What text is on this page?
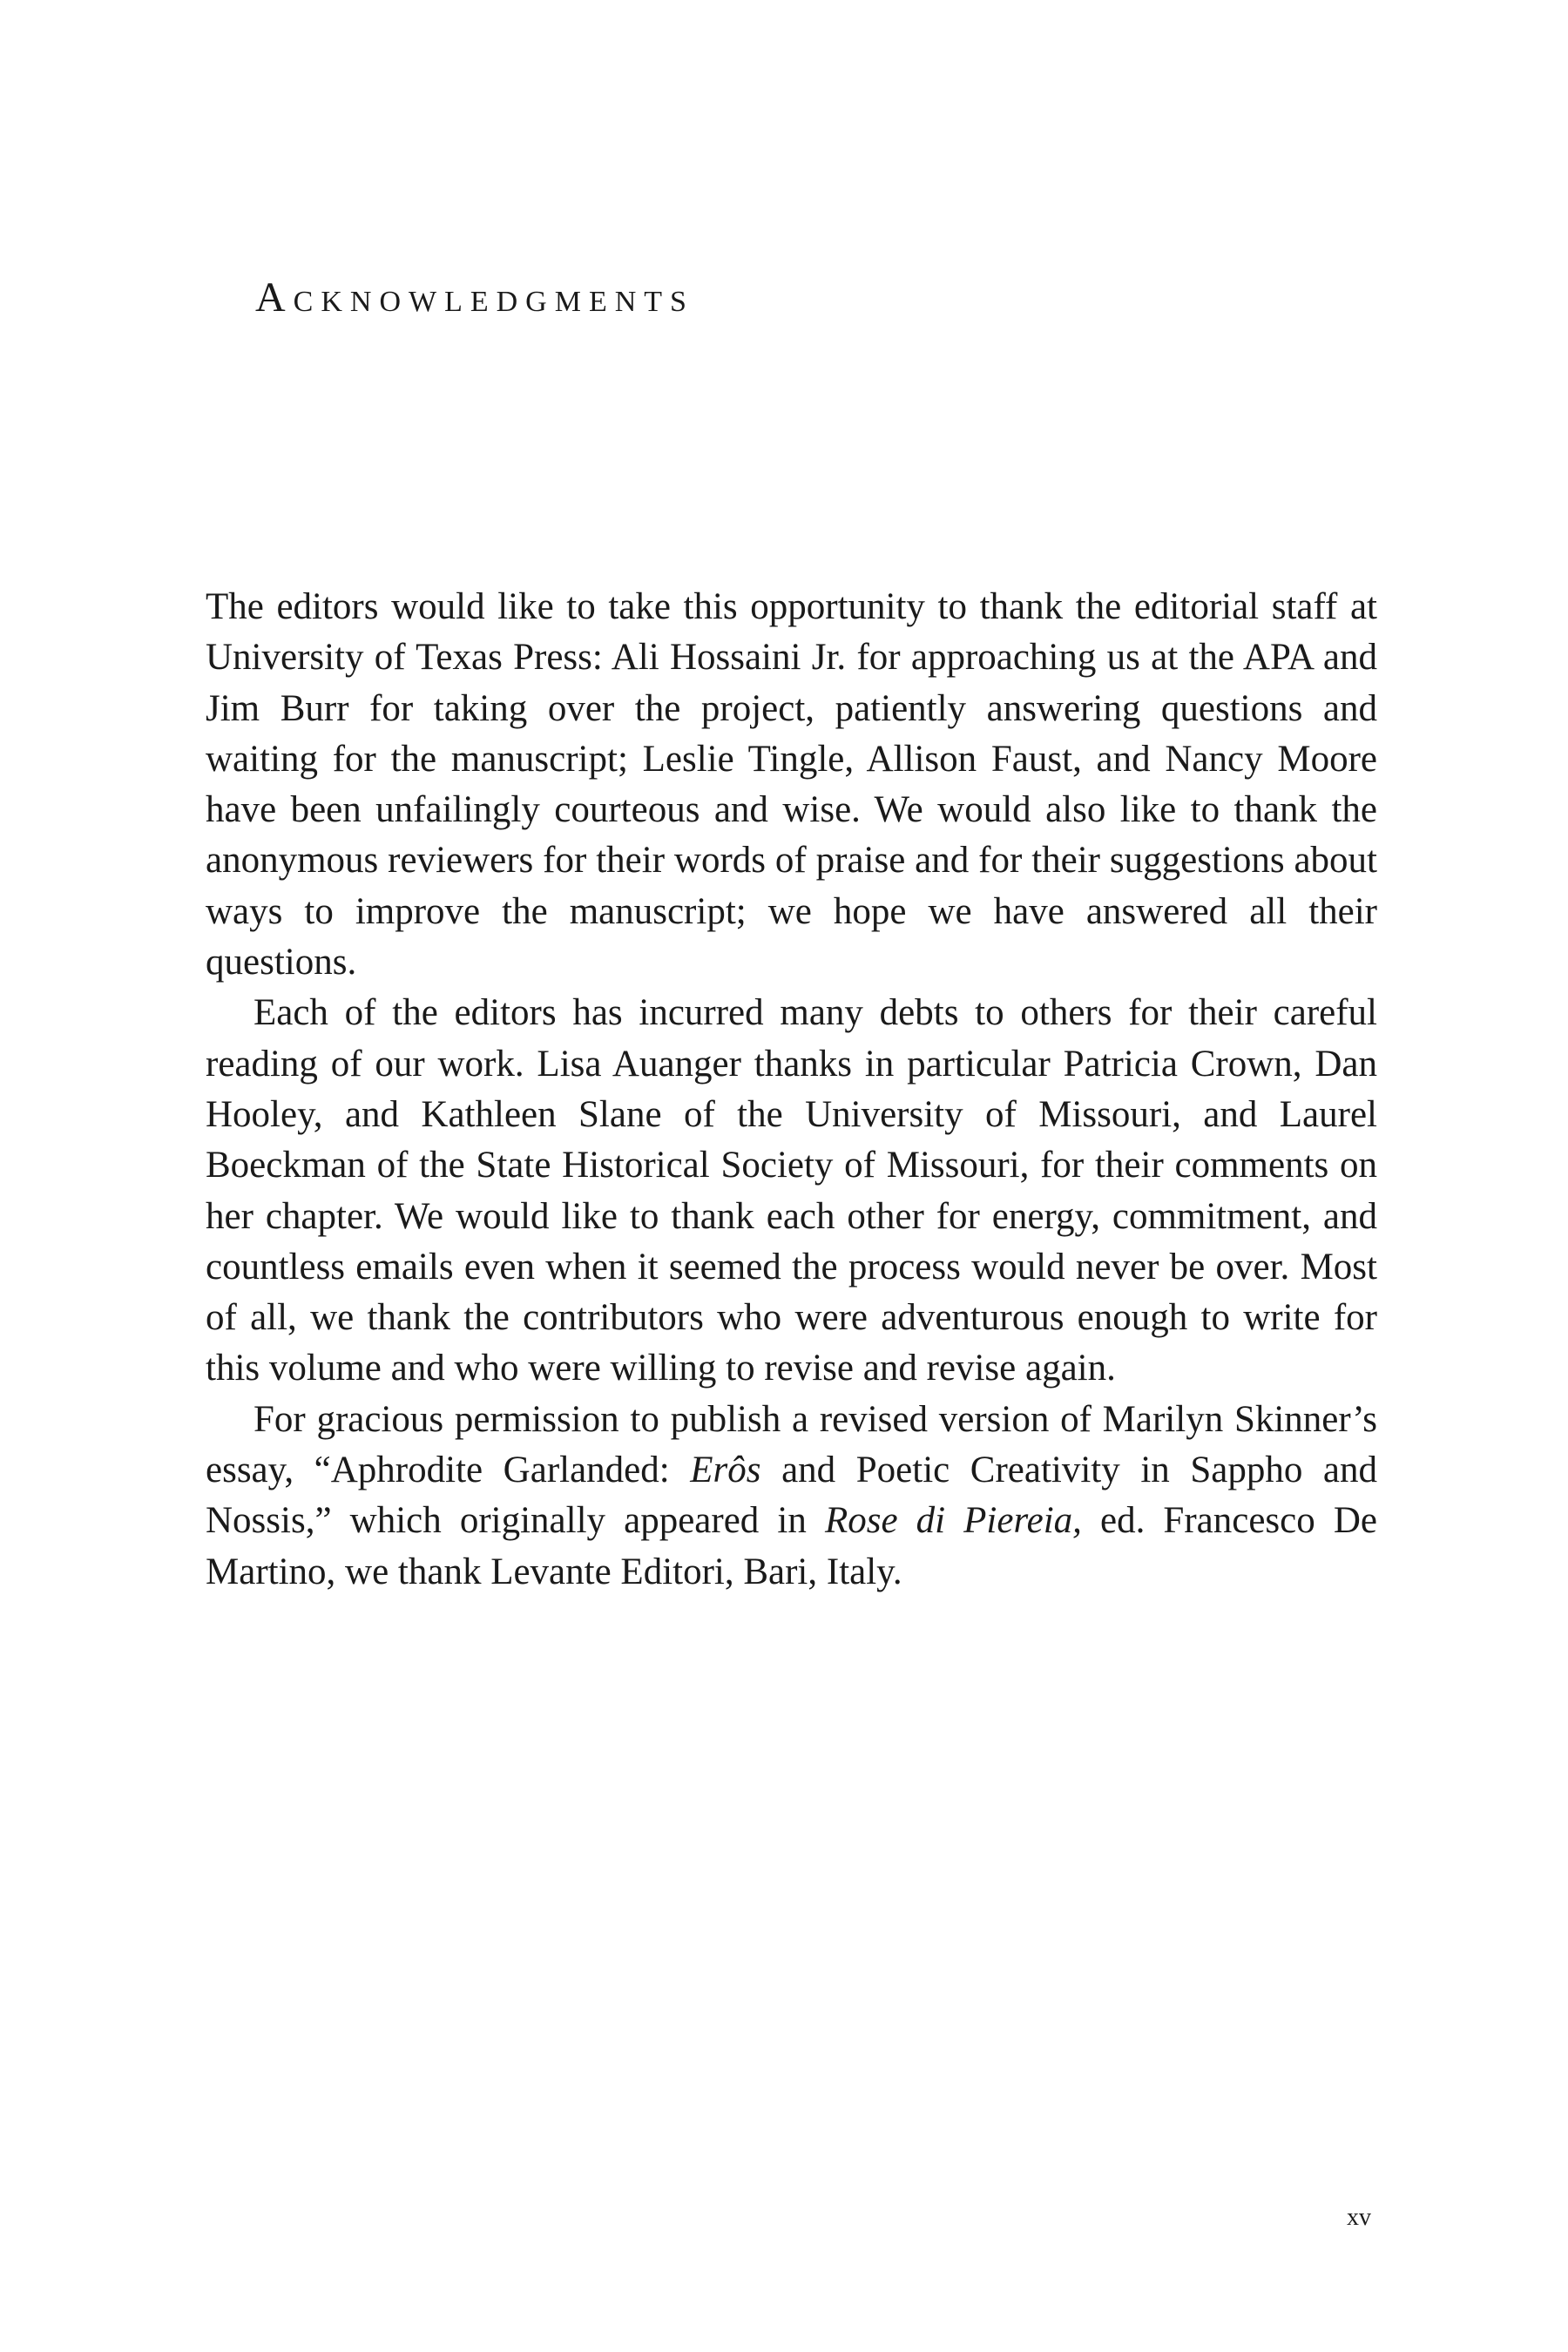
Acknowledgments

The editors would like to take this opportunity to thank the editorial staff at University of Texas Press: Ali Hossaini Jr. for approaching us at the APA and Jim Burr for taking over the project, patiently answering questions and waiting for the manuscript; Leslie Tingle, Allison Faust, and Nancy Moore have been unfailingly courteous and wise. We would also like to thank the anonymous reviewers for their words of praise and for their suggestions about ways to improve the manuscript; we hope we have answered all their questions.

Each of the editors has incurred many debts to others for their careful reading of our work. Lisa Auanger thanks in particular Patricia Crown, Dan Hooley, and Kathleen Slane of the University of Missouri, and Laurel Boeckman of the State Historical Society of Missouri, for their comments on her chapter. We would like to thank each other for energy, commitment, and countless emails even when it seemed the process would never be over. Most of all, we thank the contributors who were adventurous enough to write for this volume and who were willing to revise and revise again.

For gracious permission to publish a revised version of Marilyn Skinner’s essay, “Aphrodite Garlanded: Erôs and Poetic Creativity in Sappho and Nossis,” which originally appeared in Rose di Piereia, ed. Francesco De Martino, we thank Levante Editori, Bari, Italy.

xv
